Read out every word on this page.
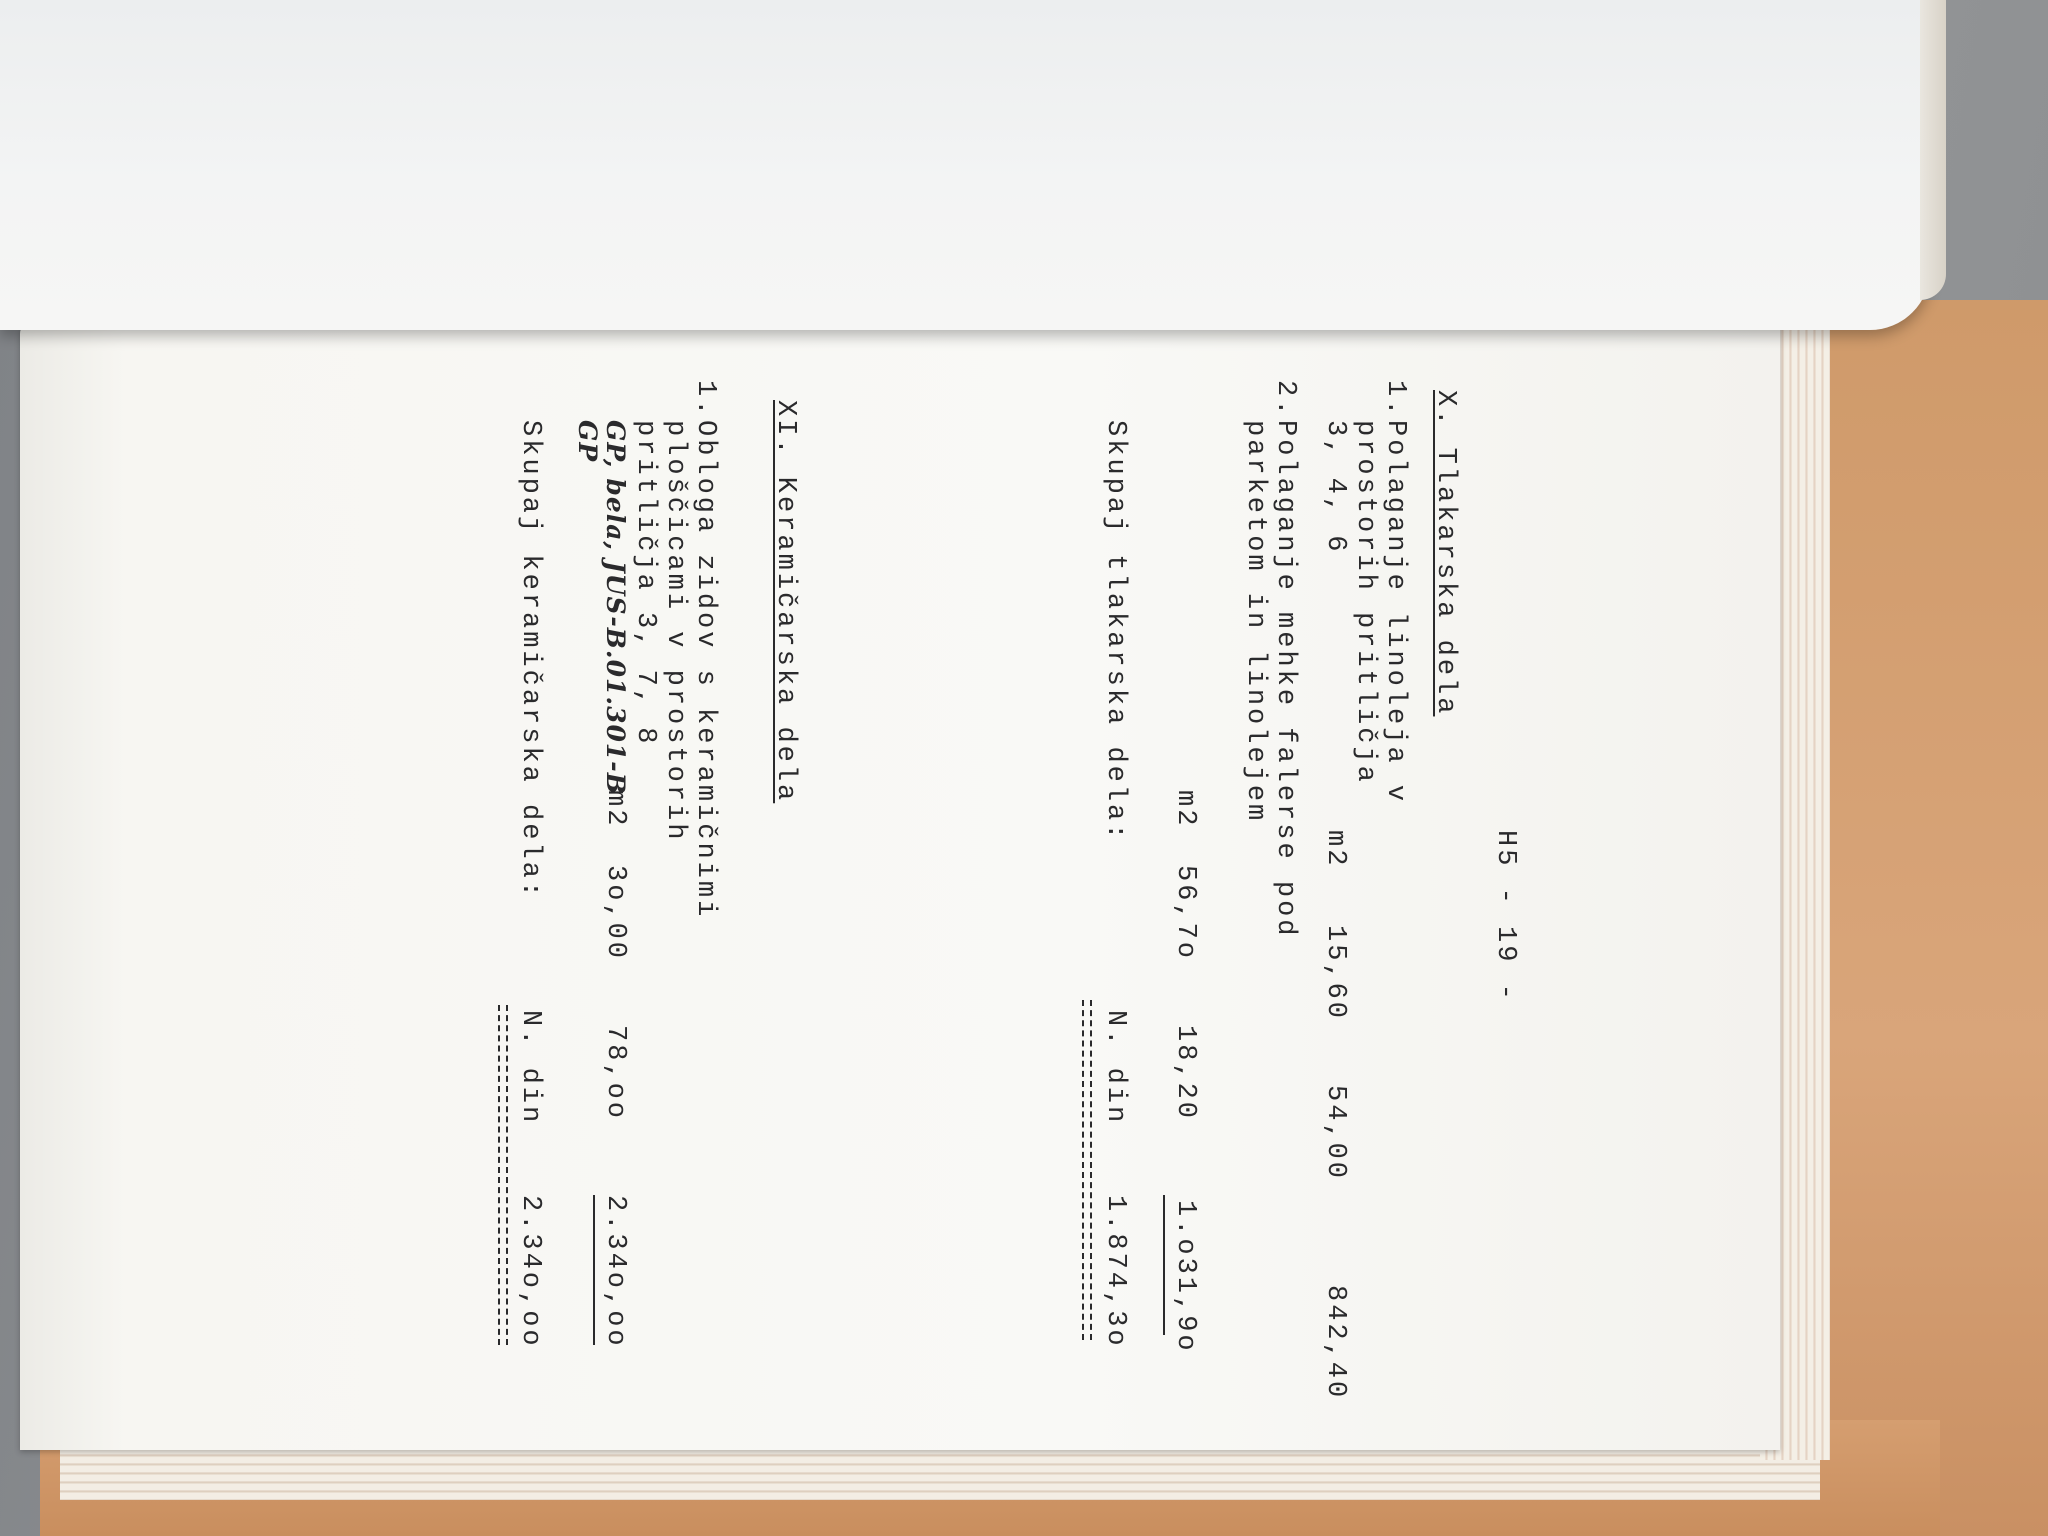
H5 - 19 -
X. Tlakarska dela
1.
Polaganje linoleja v
prostorih pritličja
3, 4, 6
m2
15,60
54,00
842,40
2.
Polaganje mehke falerse pod
parketom in linolejem
m2
56,7o
18,20
1.o31,9o
Skupaj tlakarska dela:
N. din
1.874,3o
XI. Keramičarska dela
1.
Obloga zidov s keramičnimi
ploščicami v prostorih
pritličja 3, 7, 8
GP, bela, JUS-B.01.301-B
GP
m2
3o,00
78,oo
2.34o,oo
Skupaj keramičarska dela:
N. din
2.34o,oo
